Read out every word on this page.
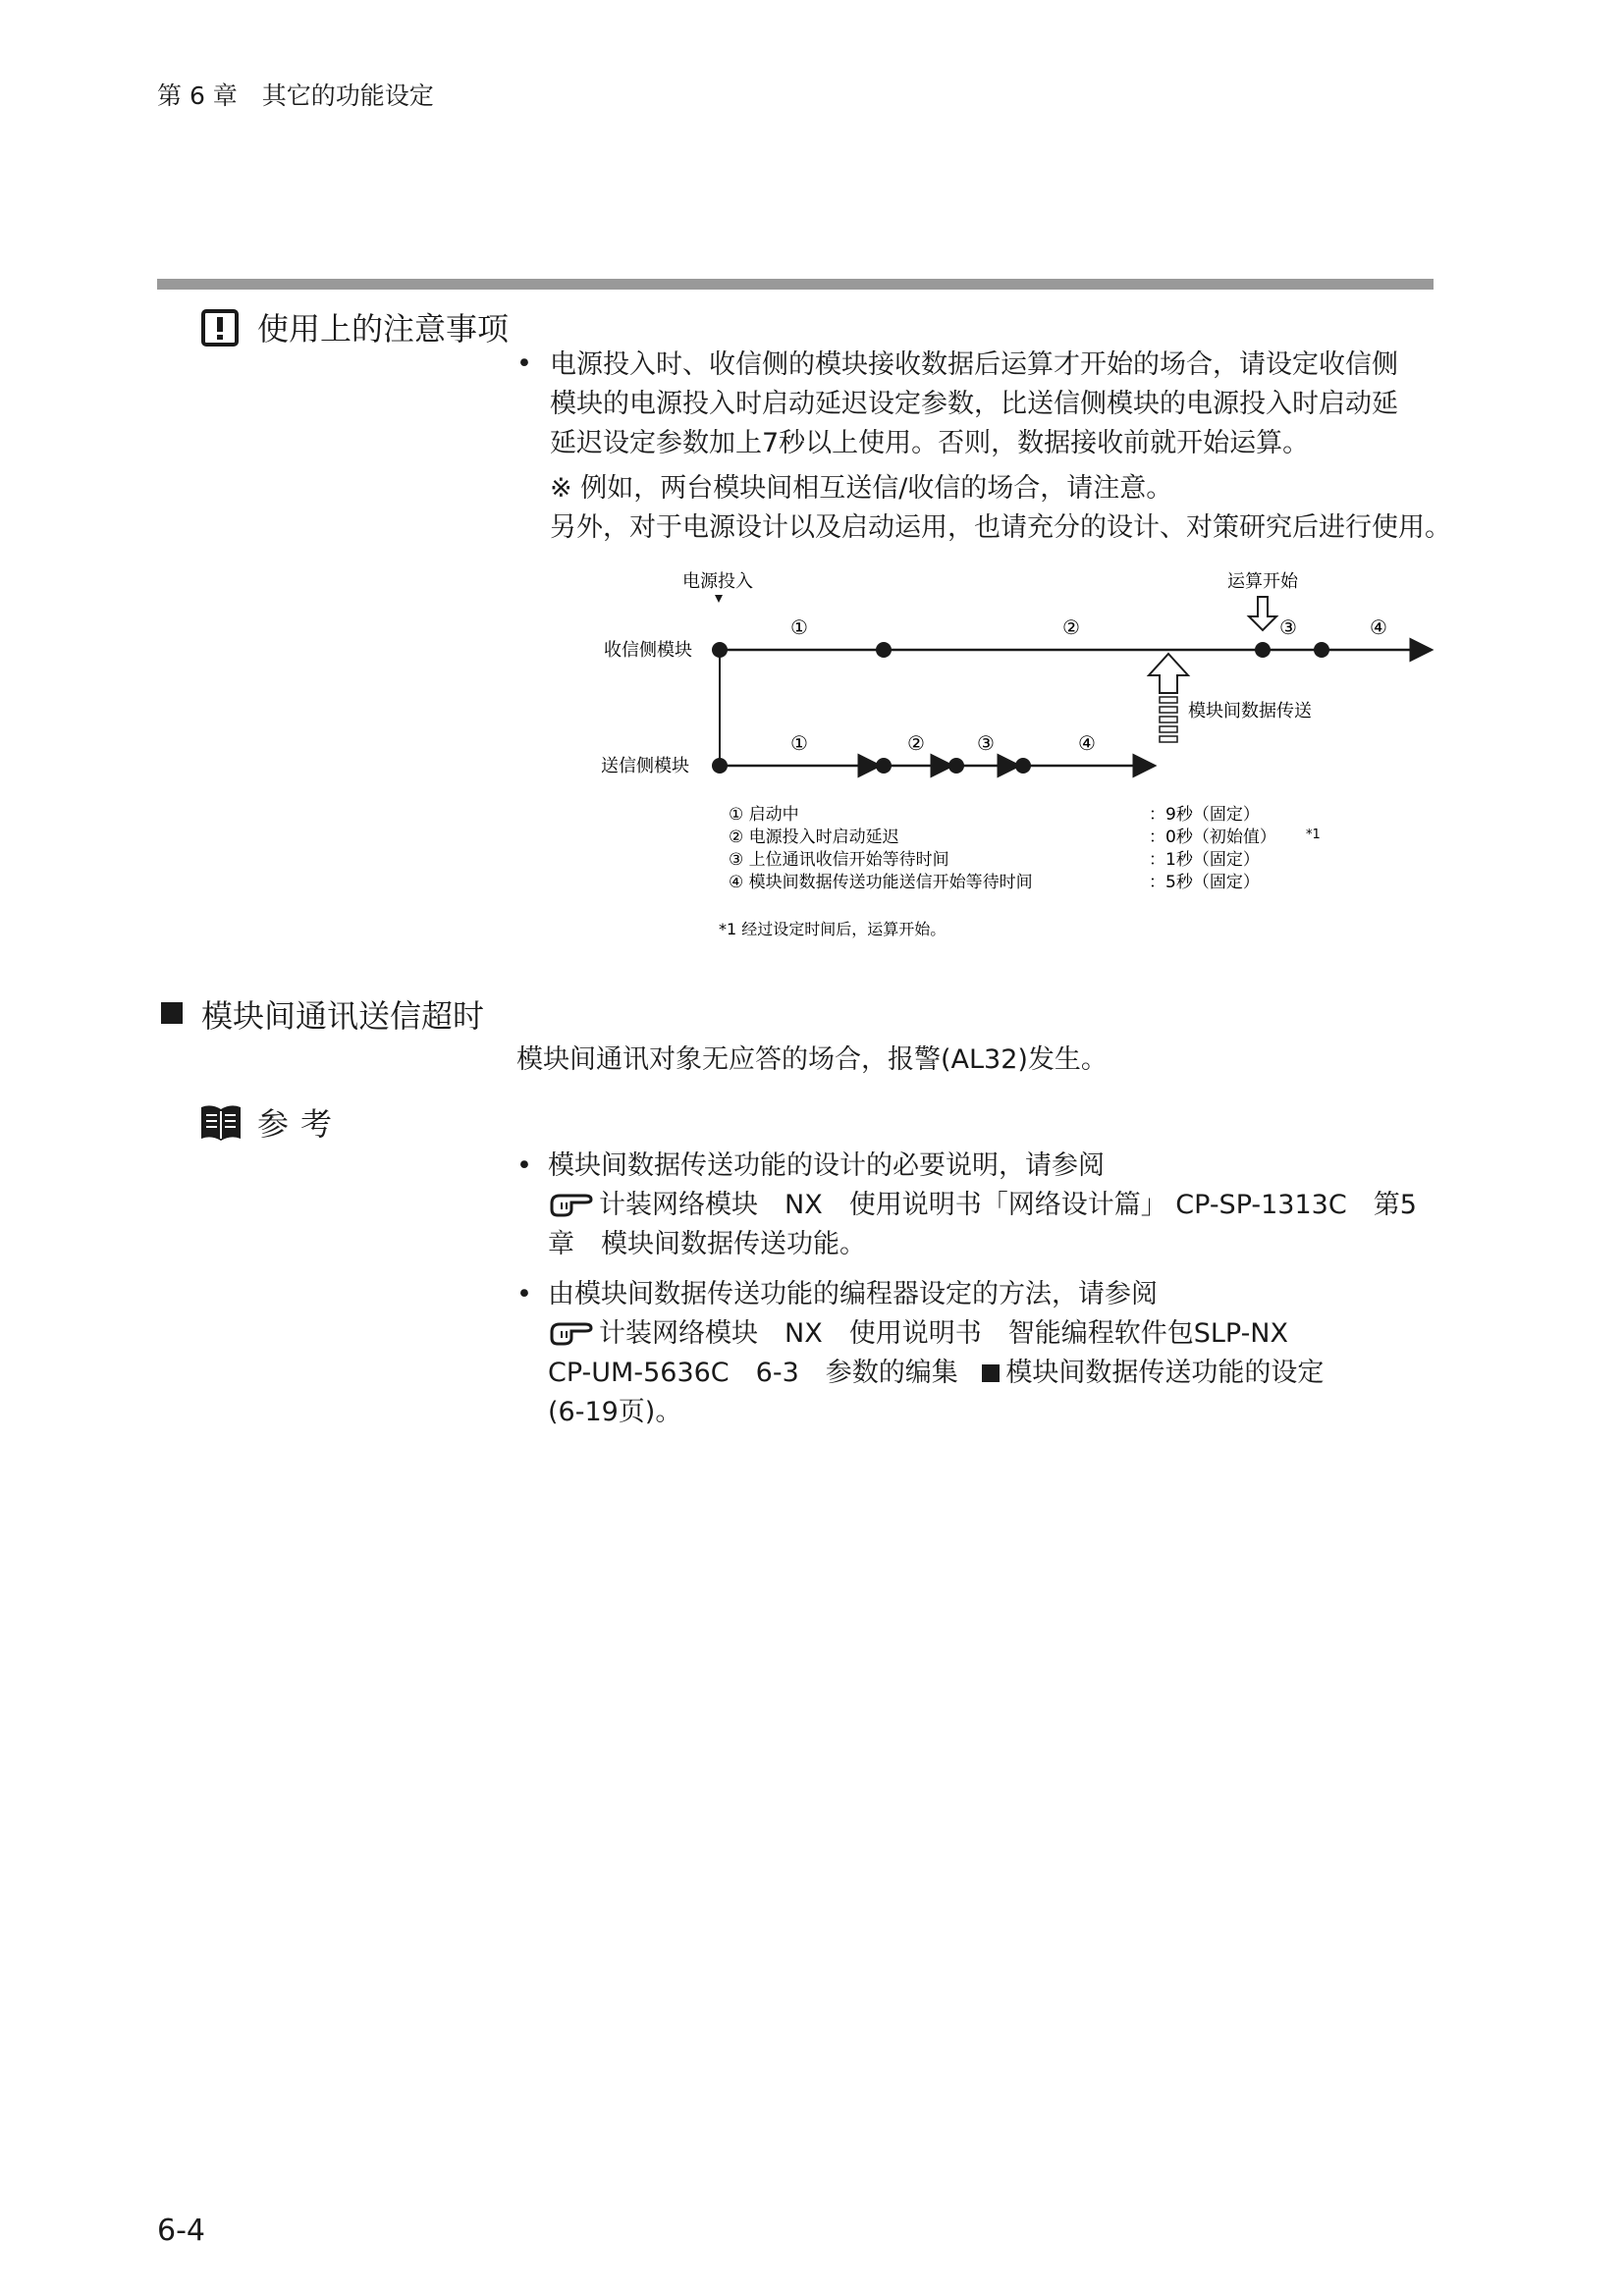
第 6 章　其它的功能设定
使用上的注意事项
• 电源投入时、收信侧的模块接收数据后运算才开始的场合，请设定收信侧
模块的电源投入时启动延迟设定参数，比送信侧模块的电源投入时启动延
延迟设定参数加上7秒以上使用。否则，数据接收前就开始运算。
※ 例如，两台模块间相互送信/收信的场合，请注意。
另外，对于电源设计以及启动运用，也请充分的设计、对策研究后进行使用。
电源投入	运算开始
收信侧模块
①	②	③	④
模块间数据传送
送信侧模块
①	②	③	④
① 启动中	：9秒（固定）
② 电源投入时启动延迟	：0秒（初始值） *1
③ 上位通讯收信开始等待时间	：1秒（固定）
④ 模块间数据传送功能送信开始等待时间	：5秒（固定）
*1 经过设定时间后，运算开始。
模块间通讯送信超时
模块间通讯对象无应答的场合，报警(AL32)发生。
参考
• 模块间数据传送功能的设计的必要说明，请参阅
计装网络模块　NX　使用说明书「网络设计篇」 CP-SP-1313C　第5
章　模块间数据传送功能。
• 由模块间数据传送功能的编程器设定的方法，请参阅
计装网络模块　NX　使用说明书　智能编程软件包SLP-NX
CP-UM-5636C　6-3　参数的编集 模块间数据传送功能的设定
(6-19页)。
6-4
